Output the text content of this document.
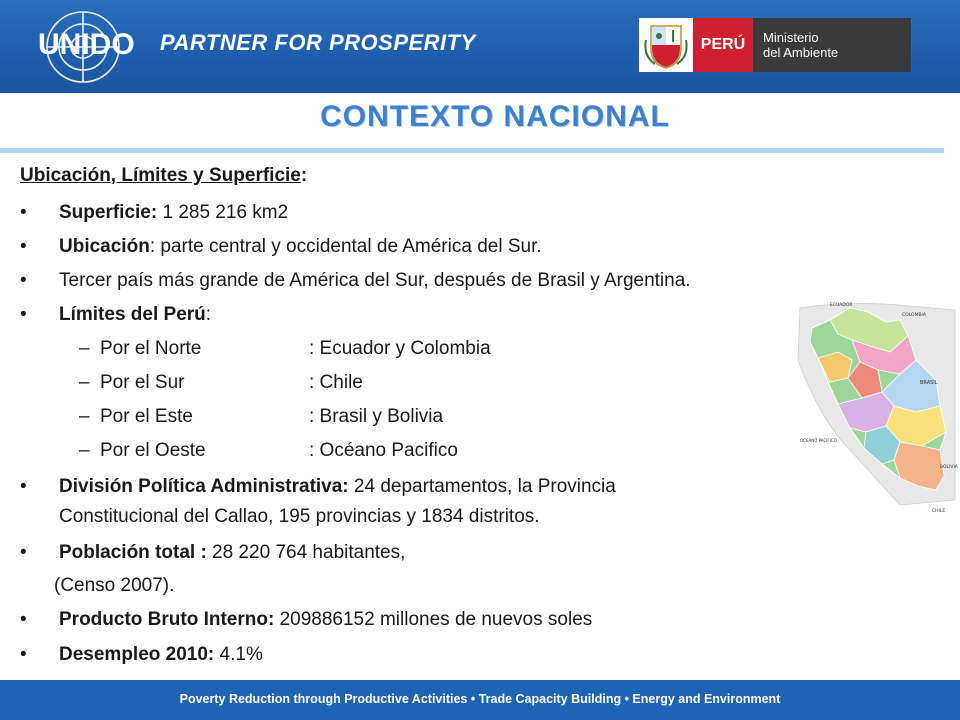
UNIDO PARTNER FOR PROSPERITY	PERÚ	Ministerio
del Ambiente
CONTEXTO NACIONAL
Ubicación, Límites y Superficie:
• Superficie: 1 285 216 km2
• Ubicación: parte central y occidental de América del Sur.
• Tercer país más grande de América del Sur, después de Brasil y Argentina.
• Límites del Perú:
– Por el Norte	: Ecuador y Colombia
– Por el Sur	: Chile
– Por el Este	: Brasil y Bolivia
– Por el Oeste	: Océano Pacifico
• División Política Administrativa: 24 departamentos, la Provincia
Constitucional del Callao, 195 provincias y 1834 distritos.
• Población total : 28 220 764 habitantes,
(Censo 2007).
• Producto Bruto Interno: 209886152 millones de nuevos soles
• Desempleo 2010: 4.1%
ECUADOR
COLOMBIA
BRASIL
OCEANO PACIFICO
BOLIVIA
CHILE
Poverty Reduction through Productive Activities • Trade Capacity Building • Energy and Environment
